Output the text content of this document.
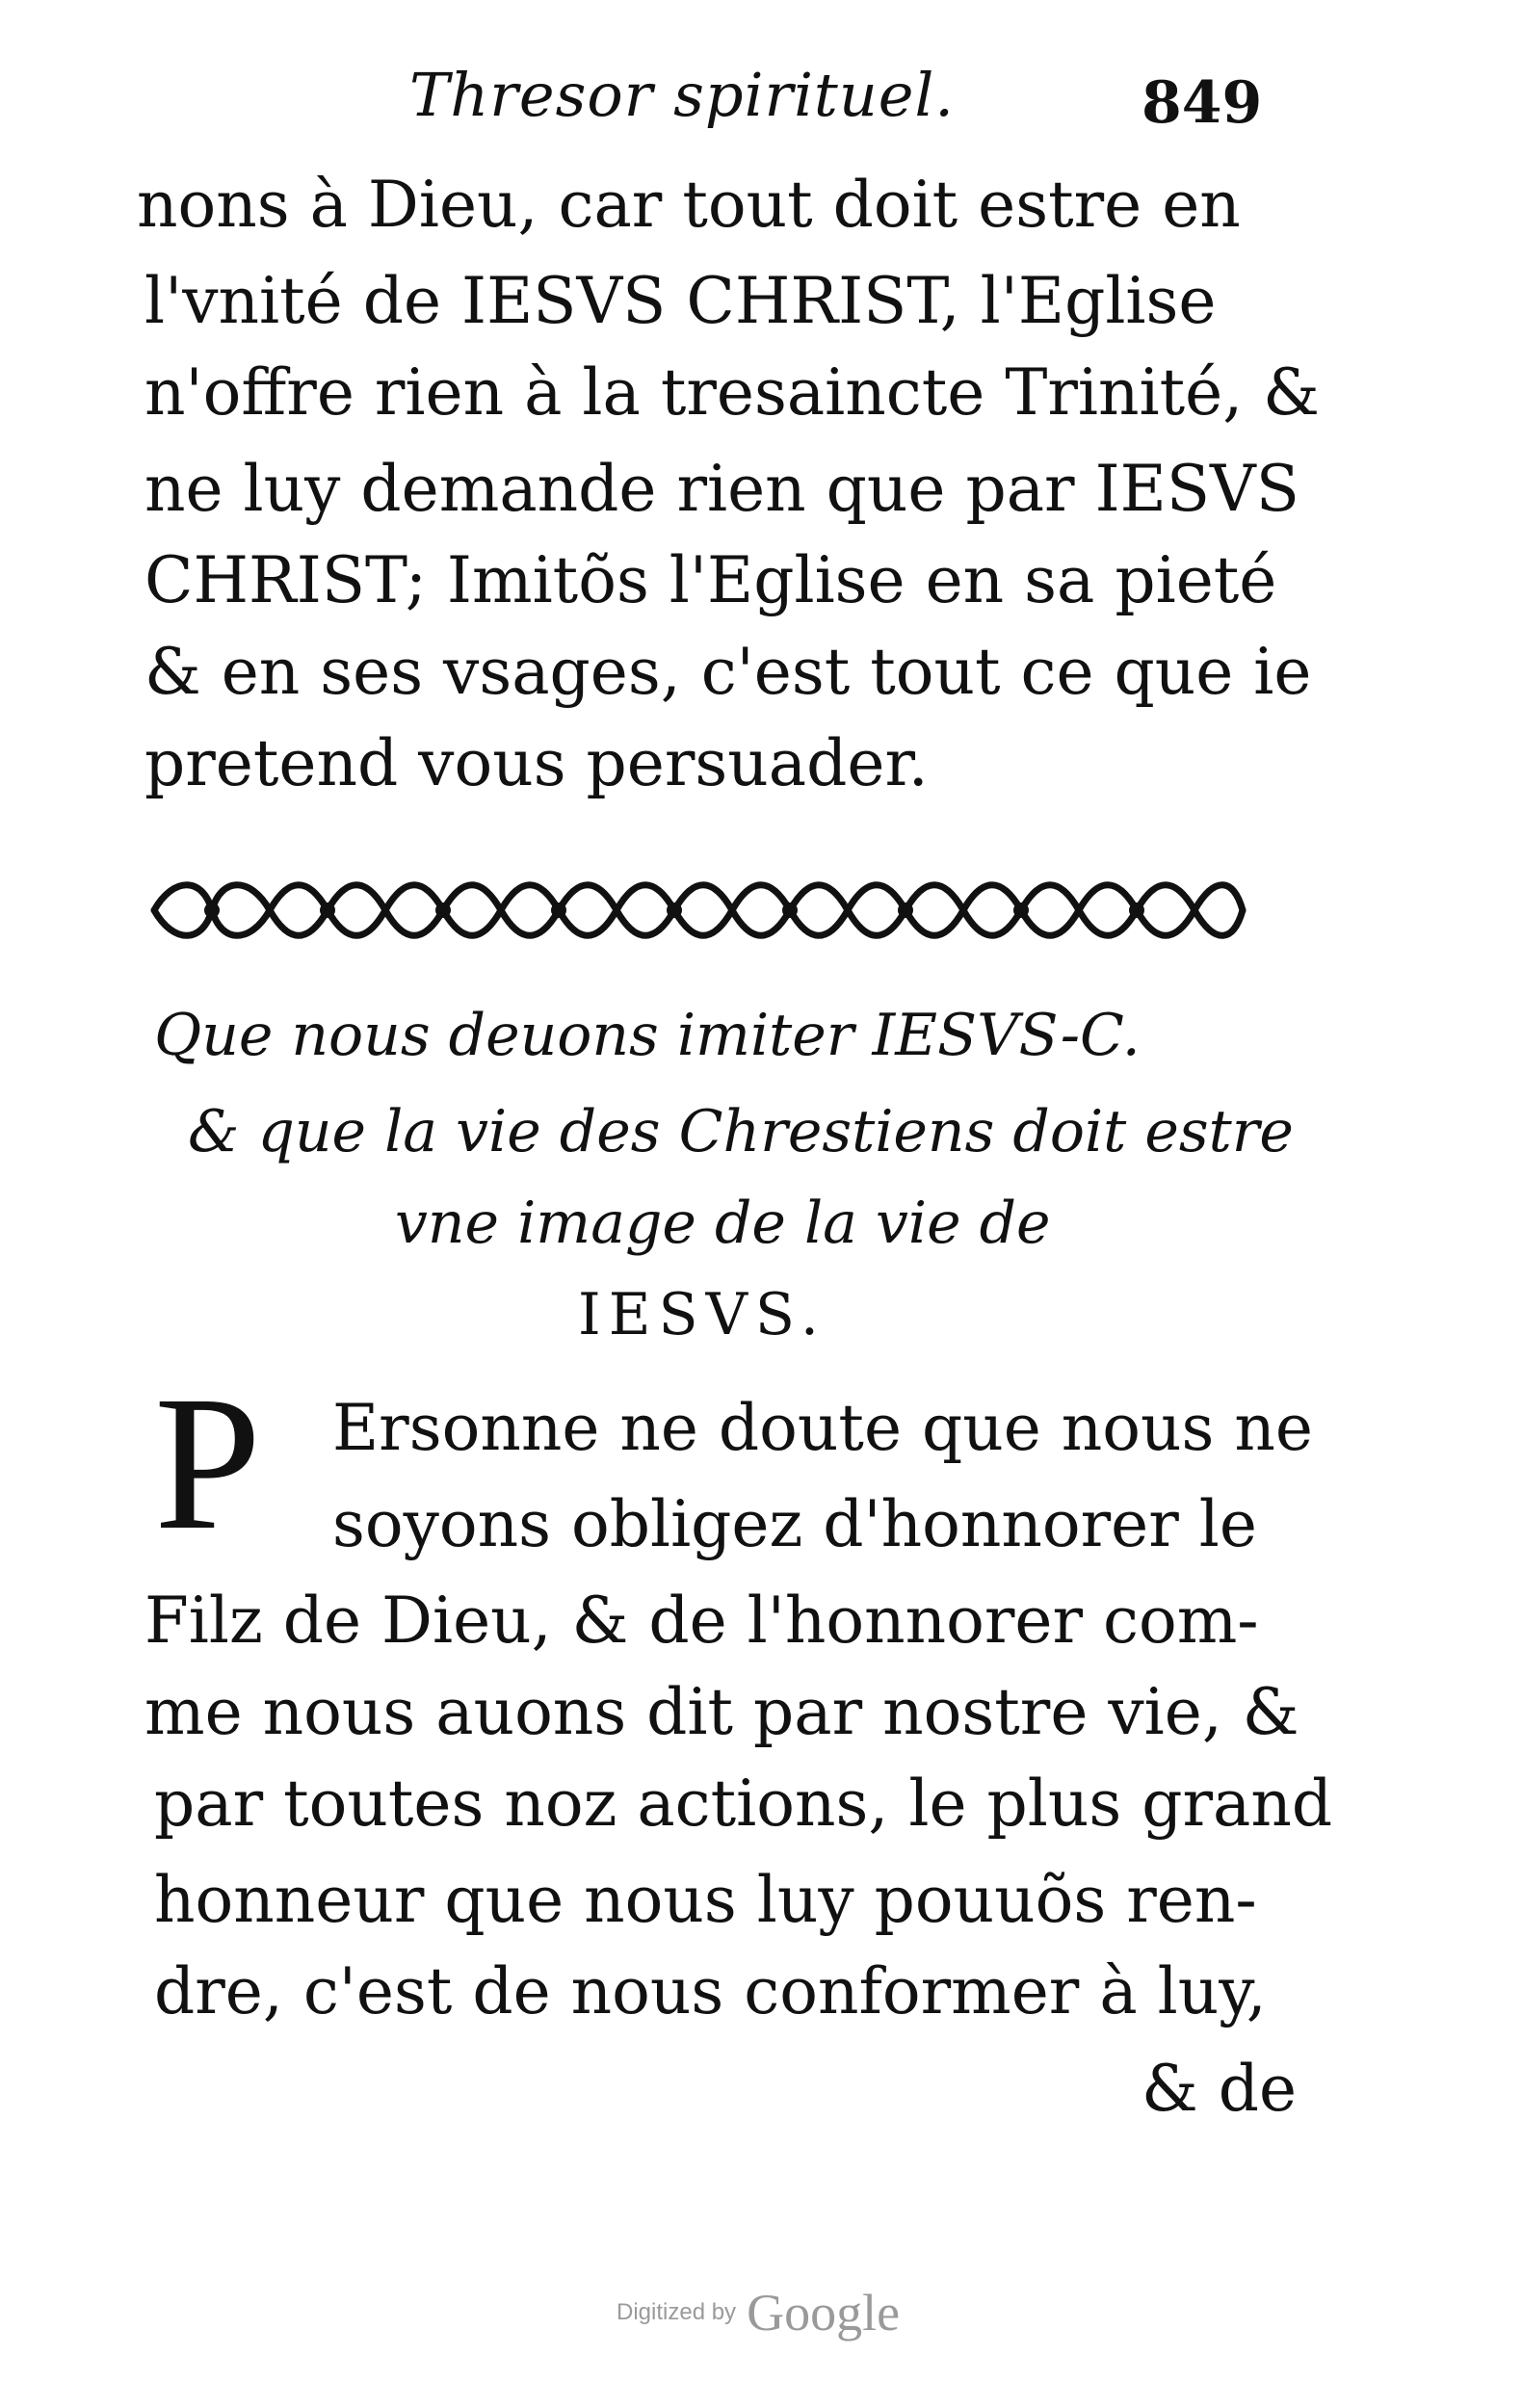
Thresor spirituel.	849
nons à Dieu, car tout doit estre en
l'vnité de IESVS CHRIST, l'Eglise
n'offre rien à la tresaincte Trinité, &
ne luy demande rien que par IESVS
CHRIST; Imitõs l'Eglise en sa pieté
& en ses vsages, c'est tout ce que ie
pretend vous persuader.
Que nous deuons imiter IESVS-C.
& que la vie des Chrestiens doit estre
vne image de la vie de
IESVS.
P Ersonne ne doute que nous ne
soyons obligez d'honnorer le
Filz de Dieu, & de l'honnorer com-
me nous auons dit par nostre vie, &
par toutes noz actions, le plus grand
honneur que nous luy pouuõs ren-
dre, c'est de nous conformer à luy,
& de
Digitized by Google
